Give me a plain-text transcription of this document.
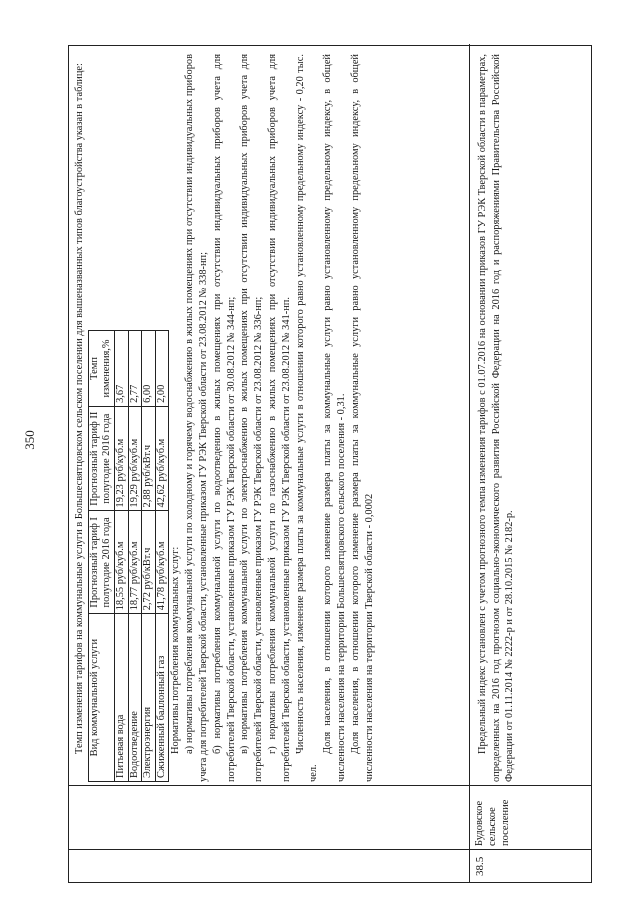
350	Темп изменения тарифов на коммунальные услуги в Большесвятцовском сельском поселении для вышеназванных типов благоустройства указан в таблице: Вид коммунальной услуги	Прогнозный тариф I полугодие 2016 года	Прогнозный тариф II полугодие 2016 года	Темп изменения,%
Питьевая вода	18,55 руб/куб.м	19,23 руб/куб.м	3,67
Водоотведение	18,77 руб/куб.м	19,29 руб/куб.м	2,77
Электроэнергия	2,72 руб/кВт.ч	2,88 руб/кВт.ч	6,00
Сжиженный баллонный газ	41,78 руб/куб.м	42,62 руб/куб.м	2,00

Нормативы потребления коммунальных услуг: а) нормативы потребления коммунальной услуги по холодному и горячему водоснабжению в жилых помещениях при отсутствии индивидуальных приборов учета для потребителей Тверской области, установленные приказом ГУ РЭК Тверской области от 23.08.2012 № 338-нп; б) нормативы потребления коммунальной услуги по водоотведению в жилых помещениях при отсутствии индивидуальных приборов учета для потребителей Тверской области, установленные приказом ГУ РЭК Тверской области от 30.08.2012 № 344-нп; в) нормативы потребления коммунальной услуги по электроснабжению в жилых помещениях при отсутствии индивидуальных приборов учета для потребителей Тверской области, установленные приказом ГУ РЭК Тверской области от 23.08.2012 № 336-нп; г) нормативы потребления коммунальной услуги по газоснабжению в жилых помещениях при отсутствии индивидуальных приборов учета для потребителей Тверской области, установленные приказом ГУ РЭК Тверской области от 23.08.2012 № 341-нп. Численность населения, изменение размера платы за коммунальные услуги в отношении которого равно установленному предельному индексу - 0,20 тыс. чел.

Доля населения, в отношении которого изменение размера платы за коммунальные услуги равно установленному предельному индексу, в общей численности населения на территории Большесвятцовского сельского поселения - 0,31. Доля населения, в отношении которого изменение размера платы за коммунальные услуги равно установленному предельному индексу, в общей численности населения на территории Тверской области - 0,0002

38.5
Будовское сельское поселение

Предельный индекс установлен с учетом прогнозного темпа изменения тарифов с 01.07.2016 на основании приказов ГУ РЭК Тверской области в параметрах, определенных на 2016 год прогнозом социально-экономического развития Российской Федерации на 2016 год и распоряжениями Правительства Российской Федерации от 01.11.2014 № 2222-р и от 28.10.2015 № 2182-р.
